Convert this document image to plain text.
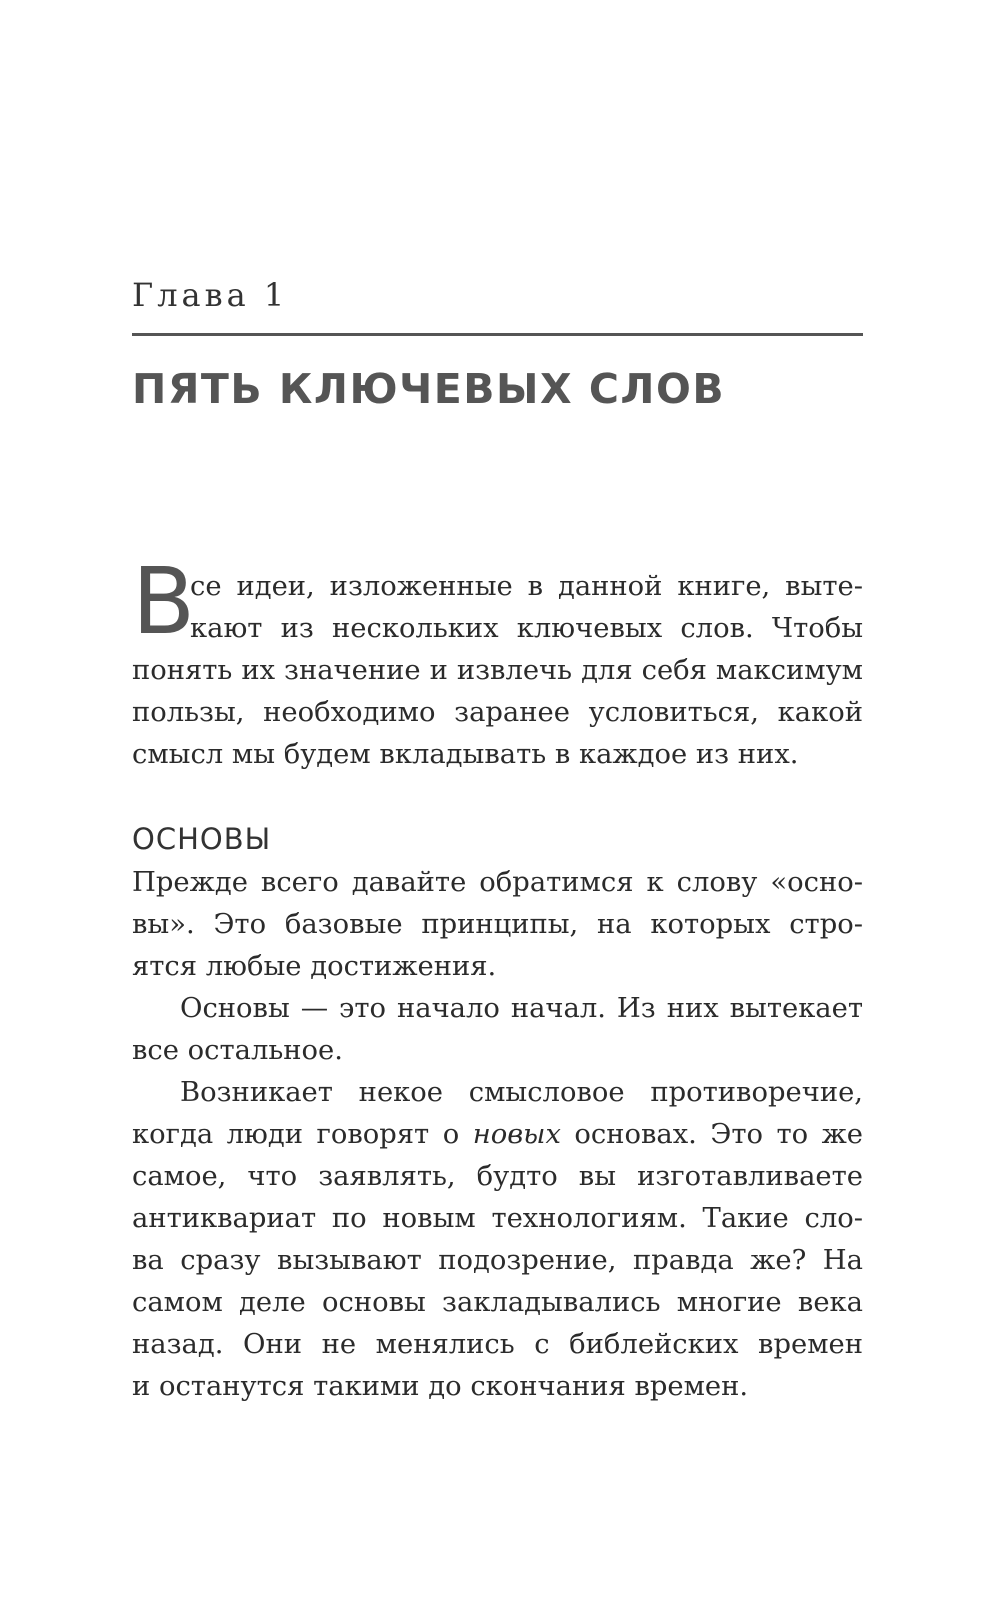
Глава 1
ПЯТЬ КЛЮЧЕВЫХ СЛОВ
В
се идеи, изложенные в данной книге, выте-
кают из нескольких ключевых слов. Чтобы
понять их значение и извлечь для себя максимум
пользы, необходимо заранее условиться, какой
смысл мы будем вкладывать в каждое из них.
ОСНОВЫ
Прежде всего давайте обратимся к слову «осно-
вы». Это базовые принципы, на которых стро-
ятся любые достижения.
Основы — это начало начал. Из них вытекает
все остальное.
Возникает некое смысловое противоречие,
когда люди говорят о новых основах. Это то же
самое, что заявлять, будто вы изготавливаете
антиквариат по новым технологиям. Такие сло-
ва сразу вызывают подозрение, правда же? На
самом деле основы закладывались многие века
назад. Они не менялись с библейских времен
и останутся такими до скончания времен.
